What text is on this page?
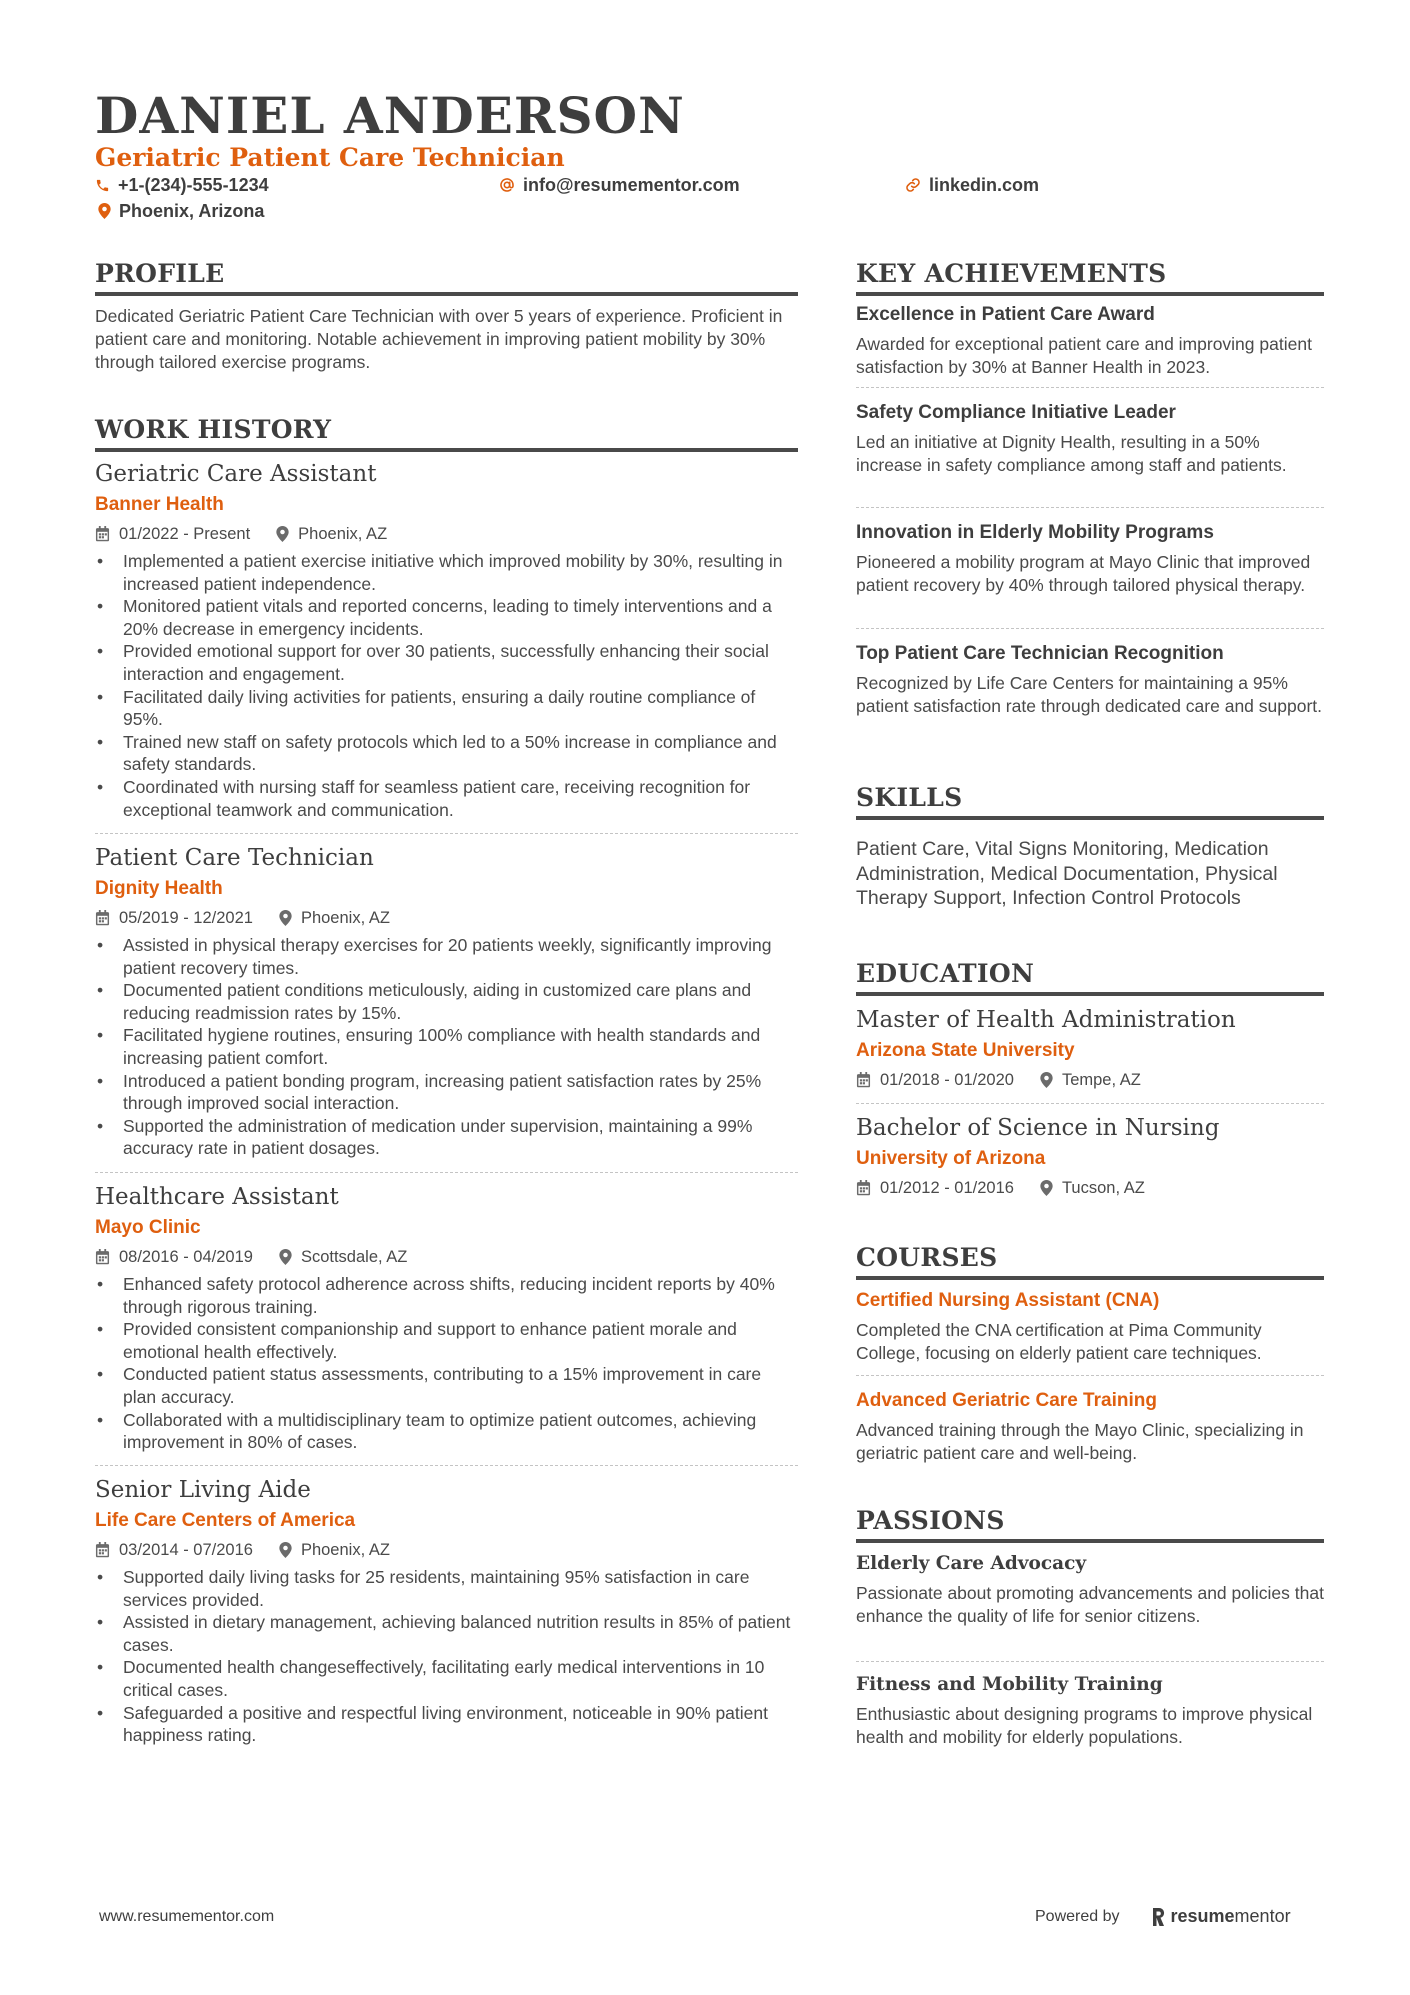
DANIEL ANDERSON
Geriatric Patient Care Technician
+1-(234)-555-1234	info@resumementor.com	linkedin.com
Phoenix, Arizona
PROFILE
Dedicated Geriatric Patient Care Technician with over 5 years of experience. Proficient in patient care and monitoring. Notable achievement in improving patient mobility by 30% through tailored exercise programs.
WORK HISTORY
Geriatric Care Assistant
Banner Health
01/2022 - Present	Phoenix, AZ
• Implemented a patient exercise initiative which improved mobility by 30%, resulting in increased patient independence.
• Monitored patient vitals and reported concerns, leading to timely interventions and a 20% decrease in emergency incidents.
• Provided emotional support for over 30 patients, successfully enhancing their social interaction and engagement.
• Facilitated daily living activities for patients, ensuring a daily routine compliance of 95%.
• Trained new staff on safety protocols which led to a 50% increase in compliance and safety standards.
• Coordinated with nursing staff for seamless patient care, receiving recognition for exceptional teamwork and communication.
Patient Care Technician
Dignity Health
05/2019 - 12/2021	Phoenix, AZ
• Assisted in physical therapy exercises for 20 patients weekly, significantly improving patient recovery times.
• Documented patient conditions meticulously, aiding in customized care plans and reducing readmission rates by 15%.
• Facilitated hygiene routines, ensuring 100% compliance with health standards and increasing patient comfort.
• Introduced a patient bonding program, increasing patient satisfaction rates by 25% through improved social interaction.
• Supported the administration of medication under supervision, maintaining a 99% accuracy rate in patient dosages.
Healthcare Assistant
Mayo Clinic
08/2016 - 04/2019	Scottsdale, AZ
• Enhanced safety protocol adherence across shifts, reducing incident reports by 40% through rigorous training.
• Provided consistent companionship and support to enhance patient morale and emotional health effectively.
• Conducted patient status assessments, contributing to a 15% improvement in care plan accuracy.
• Collaborated with a multidisciplinary team to optimize patient outcomes, achieving improvement in 80% of cases.
Senior Living Aide
Life Care Centers of America
03/2014 - 07/2016	Phoenix, AZ
• Supported daily living tasks for 25 residents, maintaining 95% satisfaction in care services provided.
• Assisted in dietary management, achieving balanced nutrition results in 85% of patient cases.
• Documented health changeseffectively, facilitating early medical interventions in 10 critical cases.
• Safeguarded a positive and respectful living environment, noticeable in 90% patient happiness rating.
KEY ACHIEVEMENTS
Excellence in Patient Care Award
Awarded for exceptional patient care and improving patient satisfaction by 30% at Banner Health in 2023.
Safety Compliance Initiative Leader
Led an initiative at Dignity Health, resulting in a 50% increase in safety compliance among staff and patients.
Innovation in Elderly Mobility Programs
Pioneered a mobility program at Mayo Clinic that improved patient recovery by 40% through tailored physical therapy.
Top Patient Care Technician Recognition
Recognized by Life Care Centers for maintaining a 95% patient satisfaction rate through dedicated care and support.
SKILLS
Patient Care, Vital Signs Monitoring, Medication Administration, Medical Documentation, Physical Therapy Support, Infection Control Protocols
EDUCATION
Master of Health Administration
Arizona State University
01/2018 - 01/2020	Tempe, AZ
Bachelor of Science in Nursing
University of Arizona
01/2012 - 01/2016	Tucson, AZ
COURSES
Certified Nursing Assistant (CNA)
Completed the CNA certification at Pima Community College, focusing on elderly patient care techniques.
Advanced Geriatric Care Training
Advanced training through the Mayo Clinic, specializing in geriatric patient care and well-being.
PASSIONS
Elderly Care Advocacy
Passionate about promoting advancements and policies that enhance the quality of life for senior citizens.
Fitness and Mobility Training
Enthusiastic about designing programs to improve physical health and mobility for elderly populations.
www.resumementor.com	Powered by	resume mentor
